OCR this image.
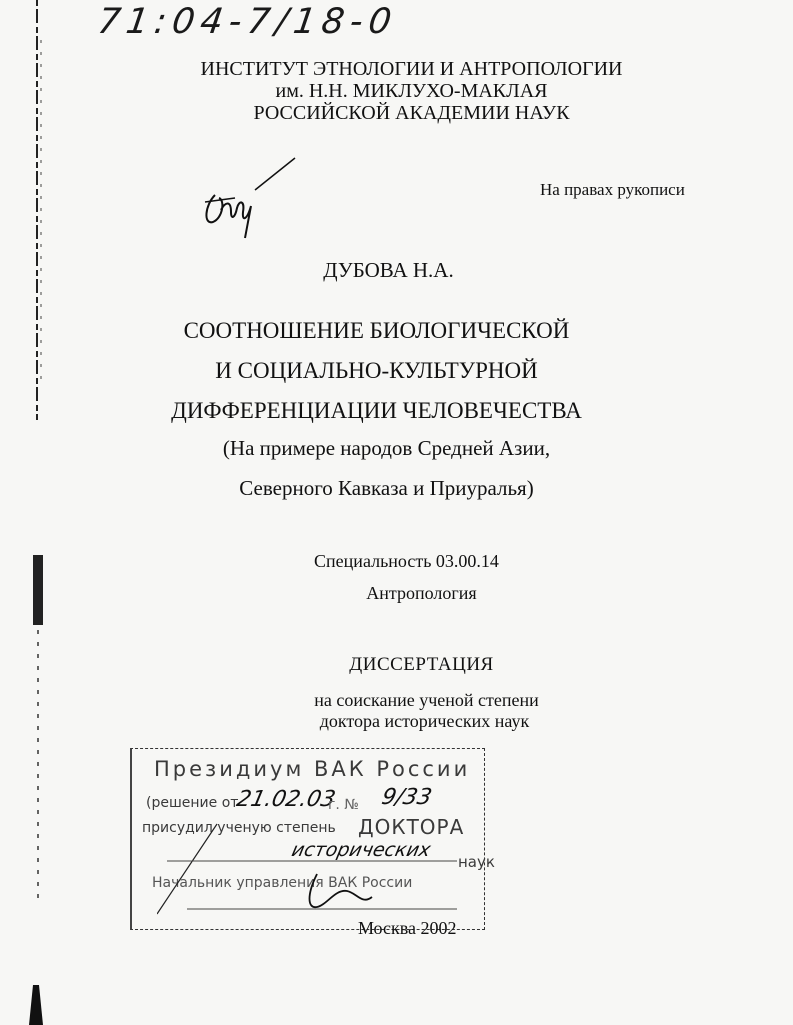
71:04-7/18-0
ИНСТИТУТ ЭТНОЛОГИИ И АНТРОПОЛОГИИ
им. Н.Н. МИКЛУХО-МАКЛАЯ
РОССИЙСКОЙ АКАДЕМИИ НАУК
На правах рукописи
ДУБОВА Н.А.
СООТНОШЕНИЕ БИОЛОГИЧЕСКОЙ
И СОЦИАЛЬНО-КУЛЬТУРНОЙ
ДИФФЕРЕНЦИАЦИИ ЧЕЛОВЕЧЕСТВА
(На примере народов Средней Азии,
Северного Кавказа и Приуралья)
Специальность 03.00.14
Антропология
ДИССЕРТАЦИЯ
на соискание ученой степени
доктора исторических наук
Президиум ВАК России
(решение от
21.02.03
г. № 9/33
присудил ученую степень ДОКТОРА
исторических
наук
Начальник управления ВАК России
Москва 2002
